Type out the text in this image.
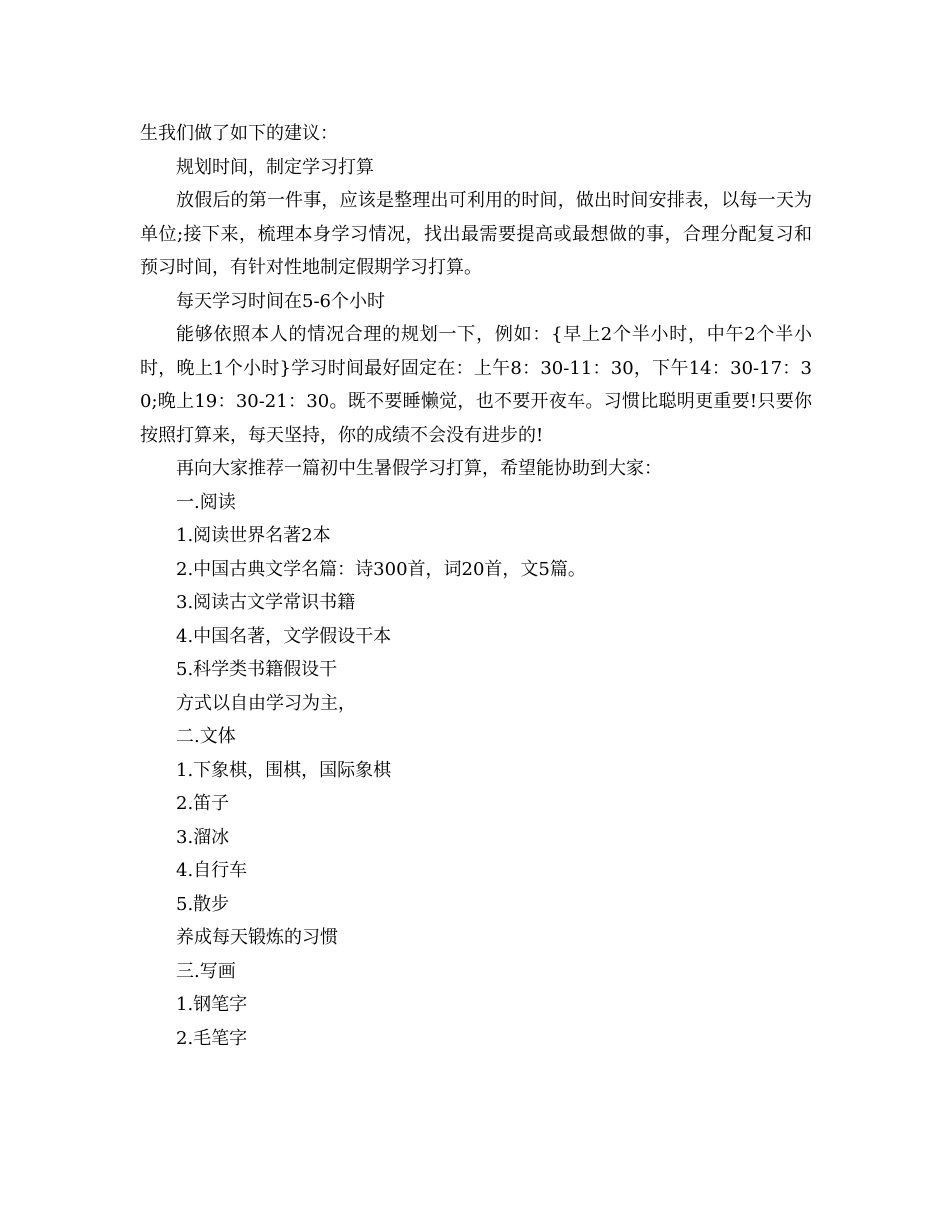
生我们做了如下的建议：

规划时间，制定学习打算

放假后的第一件事，应该是整理出可利用的时间，做出时间安排表，以每一天为单位;接下来，梳理本身学习情况，找出最需要提高或最想做的事，合理分配复习和预习时间，有针对性地制定假期学习打算。

每天学习时间在5-6个小时

能够依照本人的情况合理的规划一下，例如：{早上2个半小时，中午2个半小时，晚上1个小时}学习时间最好固定在：上午8：30-11：30，下午14：30-17：30;晚上19：30-21：30。既不要睡懒觉，也不要开夜车。习惯比聪明更重要!只要你按照打算来，每天坚持，你的成绩不会没有进步的!

再向大家推荐一篇初中生暑假学习打算，希望能协助到大家：

一.阅读

1.阅读世界名著2本

2.中国古典文学名篇：诗300首，词20首，文5篇。

3.阅读古文学常识书籍

4.中国名著，文学假设干本

5.科学类书籍假设干

方式以自由学习为主，

二.文体

1.下象棋，围棋，国际象棋

2.笛子

3.溜冰

4.自行车

5.散步

养成每天锻炼的习惯

三.写画

1.钢笔字

2.毛笔字
